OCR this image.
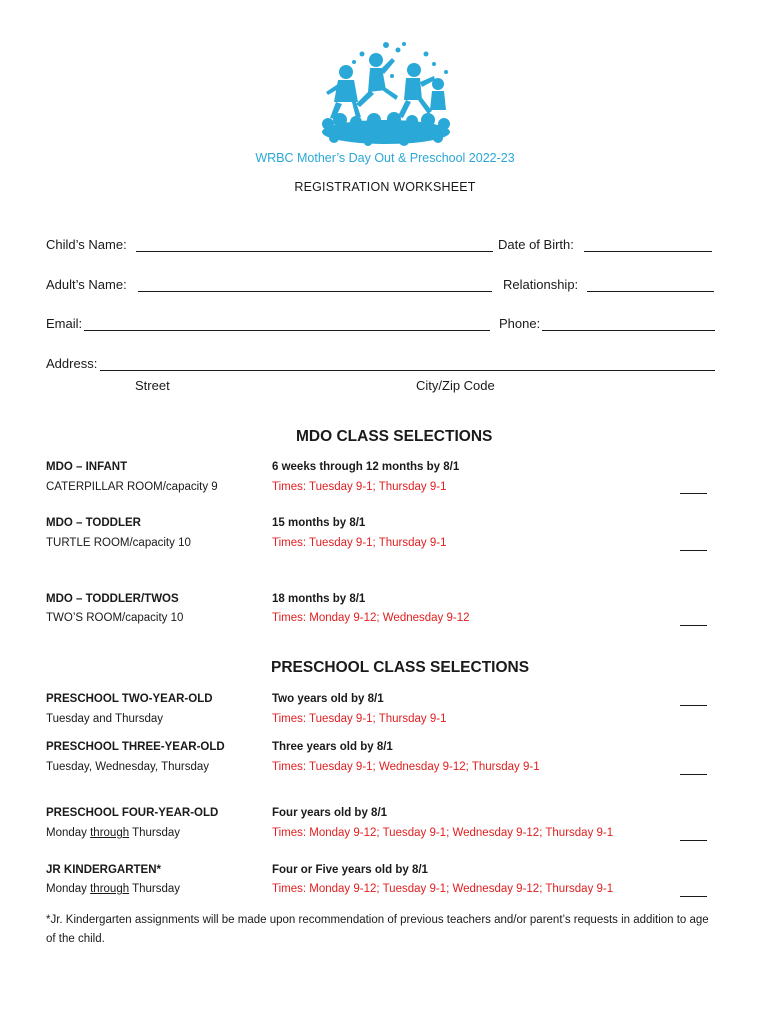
WRBC Mother’s Day Out & Preschool 2022-23
REGISTRATION WORKSHEET
Child’s Name:	Date of Birth:
Adult’s Name:	Relationship:
Email:	Phone:
Address:
Street	City/Zip Code
MDO CLASS SELECTIONS
MDO – INFANT
CATERPILLAR ROOM/capacity 9
6 weeks through 12 months by 8/1
Times: Tuesday 9-1; Thursday 9-1
MDO – TODDLER
TURTLE ROOM/capacity 10
15 months by 8/1
Times: Tuesday 9-1; Thursday 9-1
MDO – TODDLER/TWOS
TWO’S ROOM/capacity 10
18 months by 8/1
Times: Monday 9-12; Wednesday 9-12
PRESCHOOL CLASS SELECTIONS
PRESCHOOL TWO-YEAR-OLD
Tuesday and Thursday
Two years old by 8/1
Times: Tuesday 9-1; Thursday 9-1
PRESCHOOL THREE-YEAR-OLD
Tuesday, Wednesday, Thursday
Three years old by 8/1
Times: Tuesday 9-1; Wednesday 9-12; Thursday 9-1
PRESCHOOL FOUR-YEAR-OLD
Monday through Thursday
Four years old by 8/1
Times: Monday 9-12; Tuesday 9-1; Wednesday 9-12; Thursday 9-1
JR KINDERGARTEN*
Monday through Thursday
Four or Five years old by 8/1
Times: Monday 9-12; Tuesday 9-1; Wednesday 9-12; Thursday 9-1
*Jr. Kindergarten assignments will be made upon recommendation of previous teachers and/or parent’s requests in addition to age of the child.
